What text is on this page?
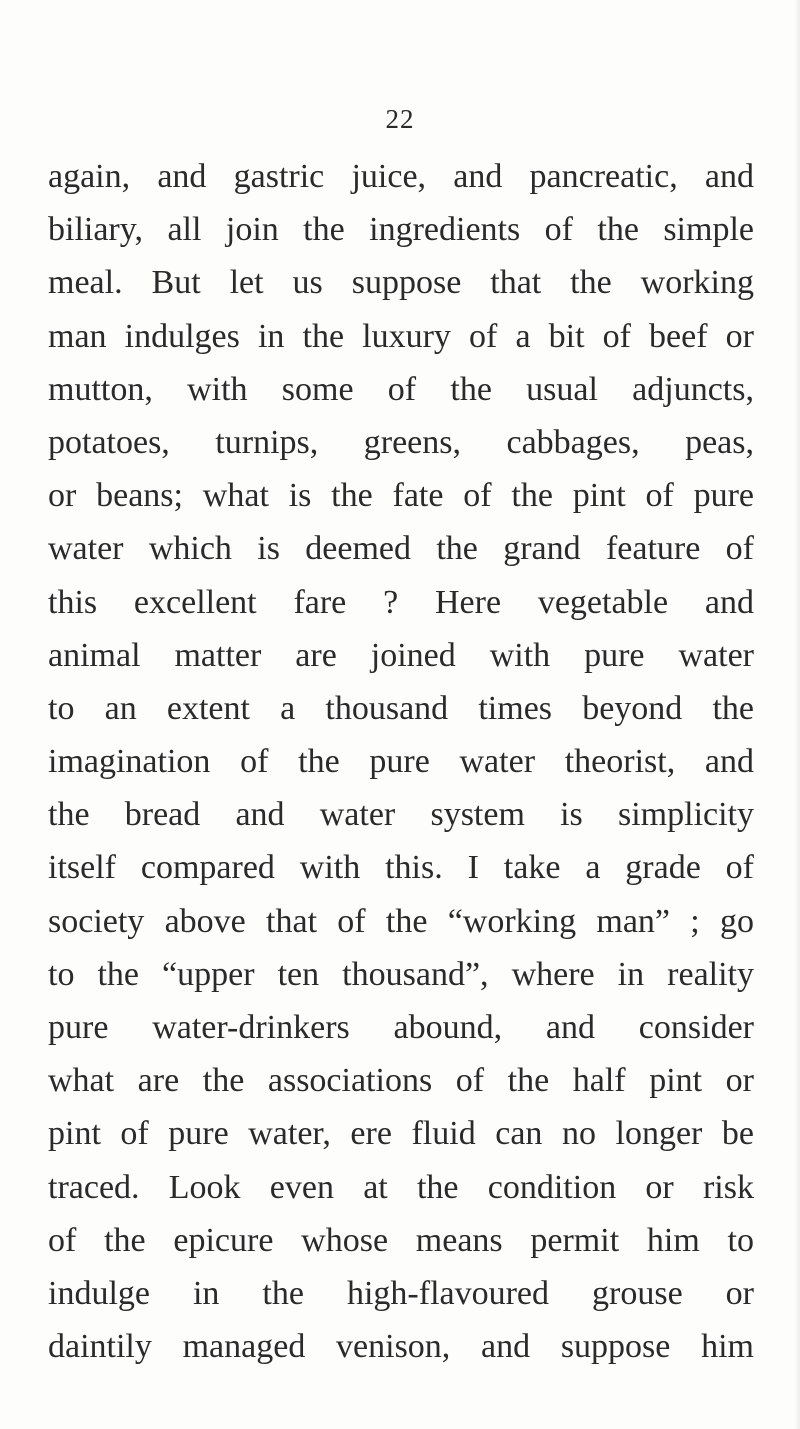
22
again, and gastric juice, and pancreatic, and
biliary, all join the ingredients of the simple
meal. But let us suppose that the working
man indulges in the luxury of a bit of beef or
mutton, with some of the usual adjuncts,
potatoes, turnips, greens, cabbages, peas,
or beans; what is the fate of the pint of pure
water which is deemed the grand feature of
this excellent fare ? Here vegetable and
animal matter are joined with pure water
to an extent a thousand times beyond the
imagination of the pure water theorist, and
the bread and water system is simplicity
itself compared with this. I take a grade of
society above that of the “working man” ; go
to the “upper ten thousand”, where in reality
pure water-drinkers abound, and consider
what are the associations of the half pint or
pint of pure water, ere fluid can no longer be
traced. Look even at the condition or risk
of the epicure whose means permit him to
indulge in the high-flavoured grouse or
daintily managed venison, and suppose him
